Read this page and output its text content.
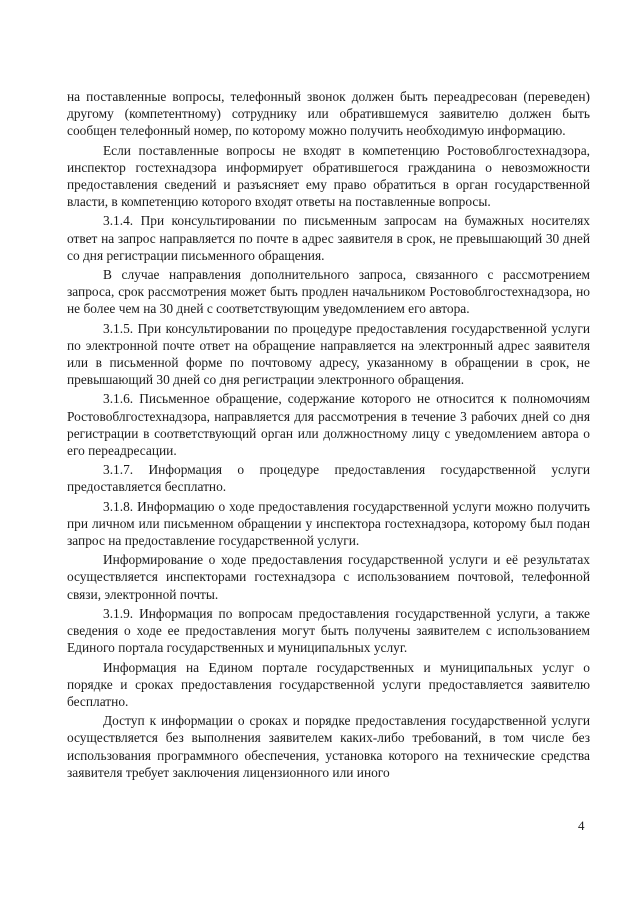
на поставленные вопросы, телефонный звонок должен быть переадресован (переведен) другому (компетентному) сотруднику или обратившемуся заявителю должен быть сообщен телефонный номер, по которому можно получить необходимую информацию.

Если поставленные вопросы не входят в компетенцию Ростовоблгостехнадзора, инспектор гостехнадзора информирует обратившегося гражданина о невозможности предоставления сведений и разъясняет ему право обратиться в орган государственной власти, в компетенцию которого входят ответы на поставленные вопросы.

3.1.4. При консультировании по письменным запросам на бумажных носителях ответ на запрос направляется по почте в адрес заявителя в срок, не превышающий 30 дней со дня регистрации письменного обращения.

В случае направления дополнительного запроса, связанного с рассмотрением запроса, срок рассмотрения может быть продлен начальником Ростовоблгостехнадзора, но не более чем на 30 дней с соответствующим уведомлением его автора.

3.1.5. При консультировании по процедуре предоставления государственной услуги по электронной почте ответ на обращение направляется на электронный адрес заявителя или в письменной форме по почтовому адресу, указанному в обращении в срок, не превышающий 30 дней со дня регистрации электронного обращения.

3.1.6. Письменное обращение, содержание которого не относится к полномочиям Ростовоблгостехнадзора, направляется для рассмотрения в течение 3 рабочих дней со дня регистрации в соответствующий орган или должностному лицу с уведомлением автора о его переадресации.

3.1.7. Информация о процедуре предоставления государственной услуги предоставляется бесплатно.

3.1.8. Информацию о ходе предоставления государственной услуги можно получить при личном или письменном обращении у инспектора гостехнадзора, которому был подан запрос на предоставление государственной услуги.

Информирование о ходе предоставления государственной услуги и её результатах осуществляется инспекторами гостехнадзора с использованием почтовой, телефонной связи, электронной почты.

3.1.9. Информация по вопросам предоставления государственной услуги, а также сведения о ходе ее предоставления могут быть получены заявителем с использованием Единого портала государственных и муниципальных услуг.

Информация на Едином портале государственных и муниципальных услуг о порядке и сроках предоставления государственной услуги предоставляется заявителю бесплатно.

Доступ к информации о сроках и порядке предоставления государственной услуги осуществляется без выполнения заявителем каких-либо требований, в том числе без использования программного обеспечения, установка которого на технические средства заявителя требует заключения лицензионного или иного

4
